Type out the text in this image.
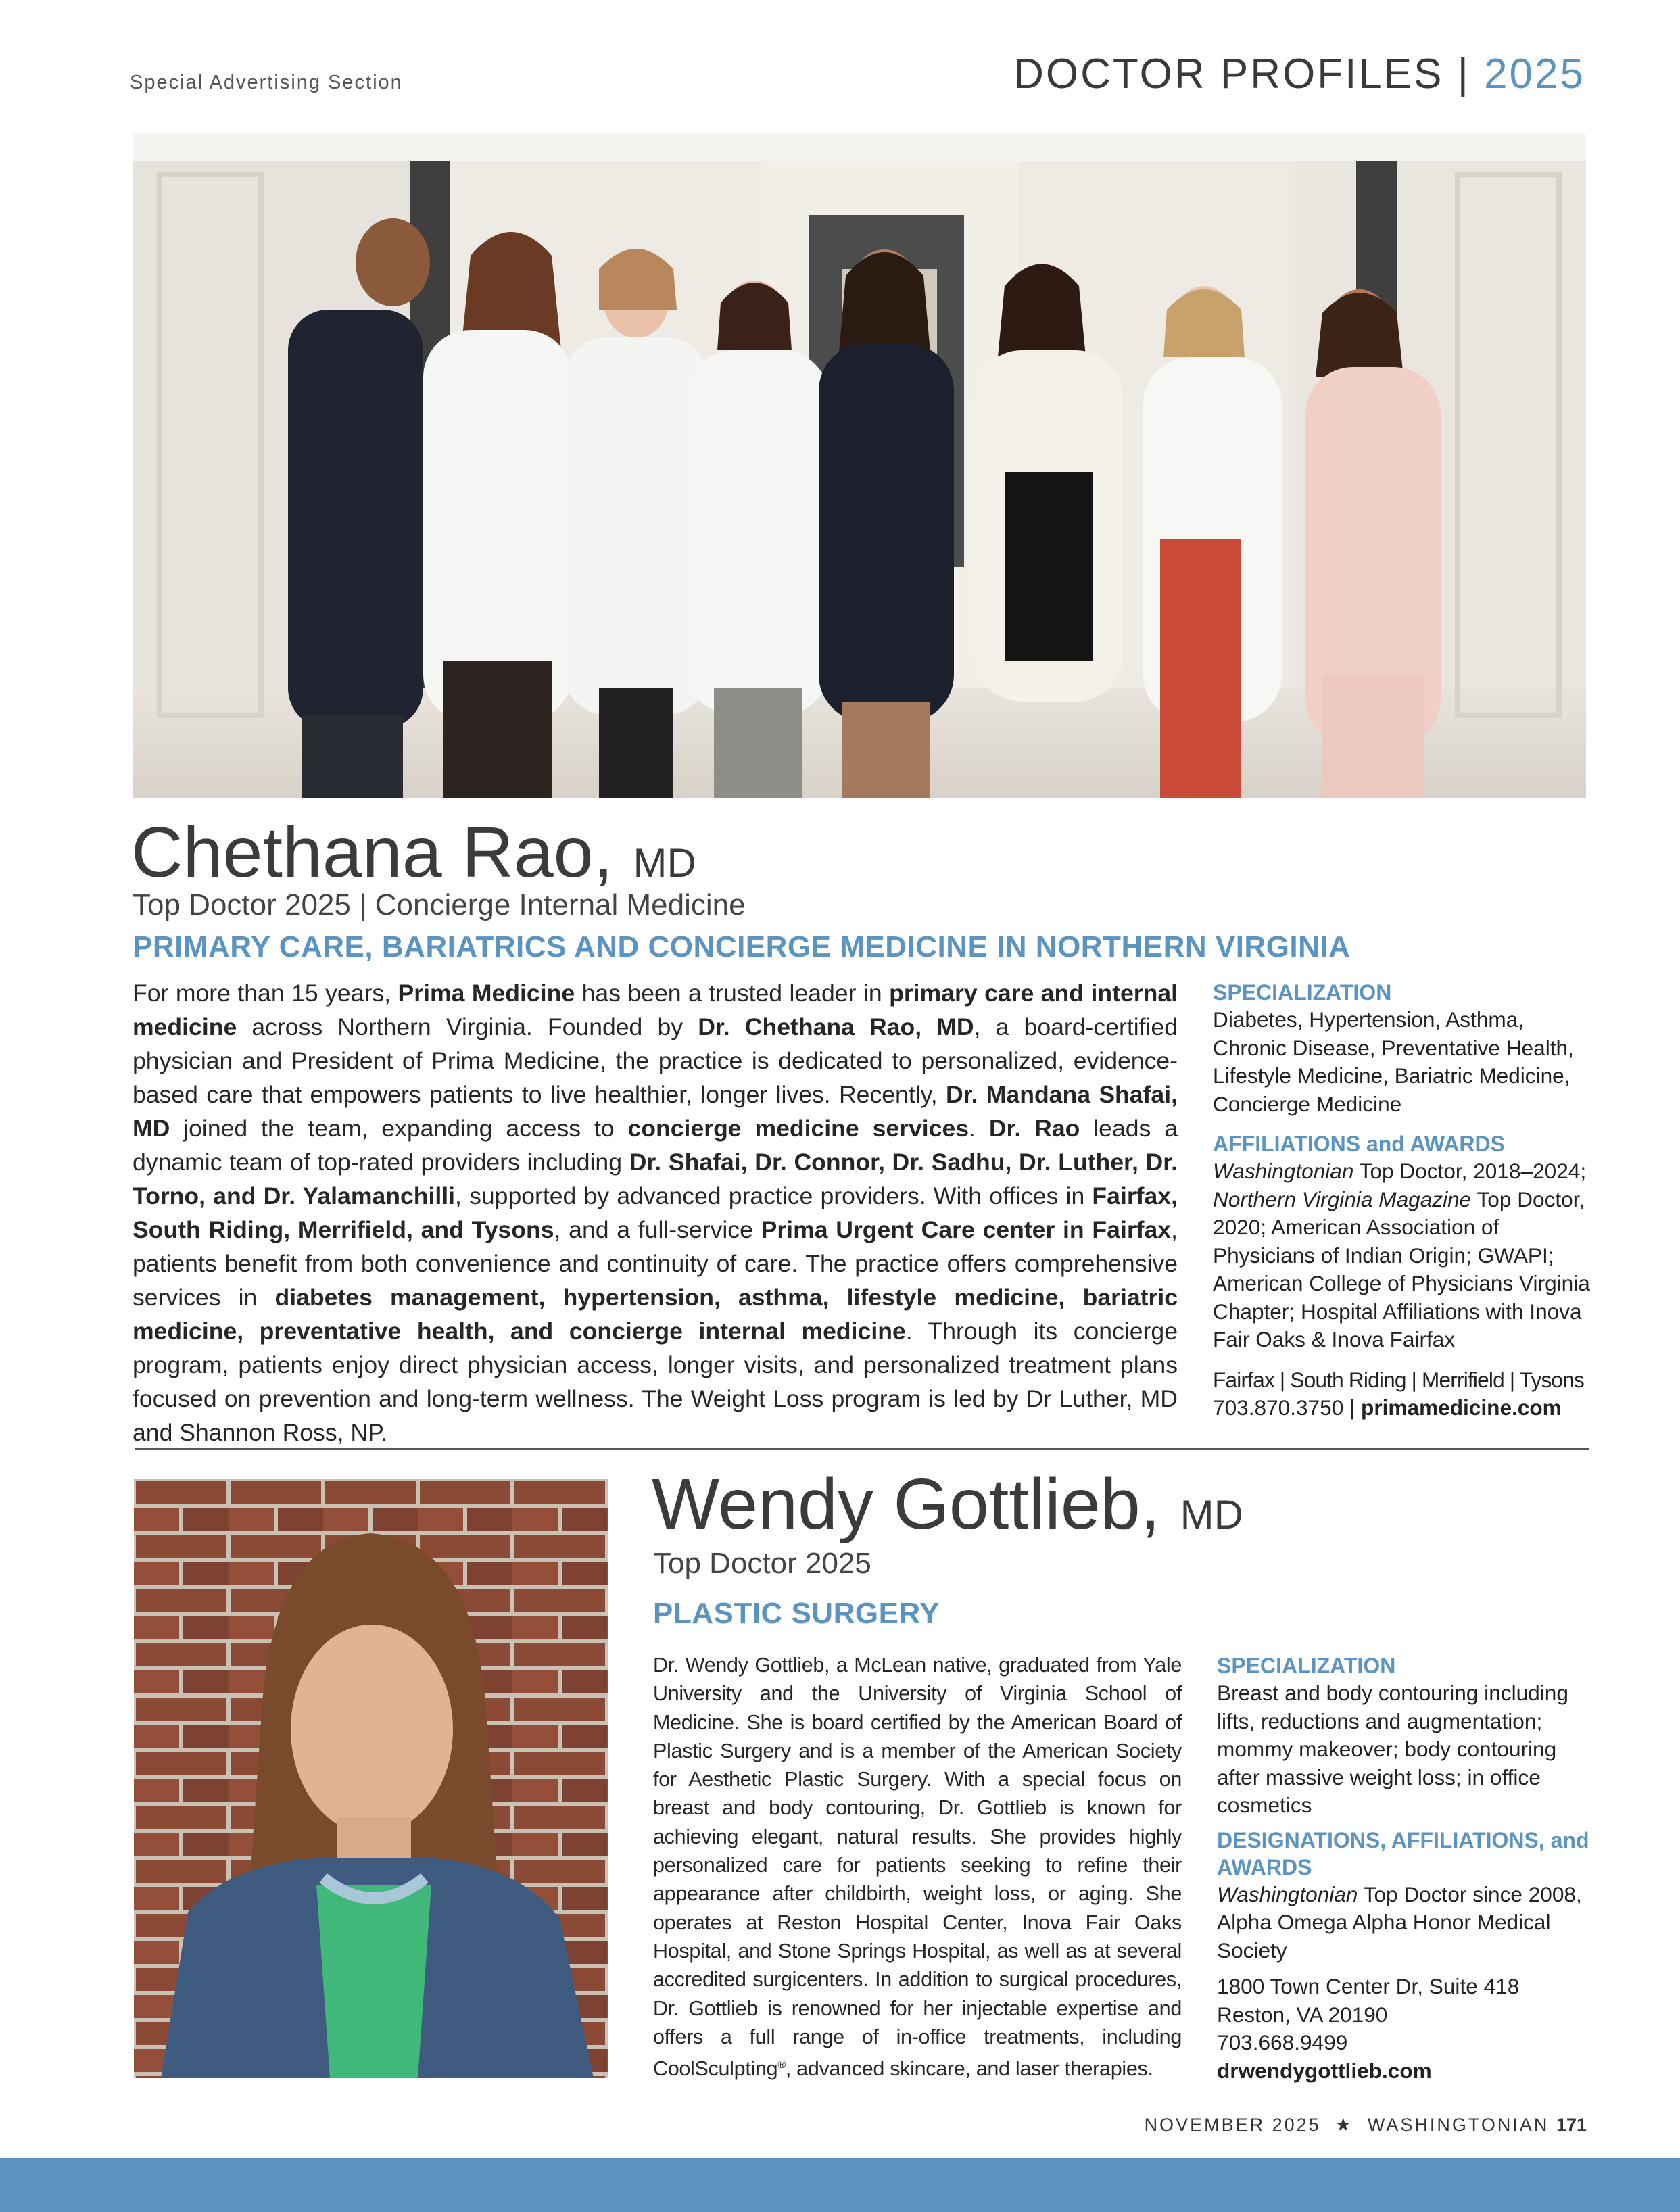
Special Advertising Section	DOCTOR PROFILES | 2025
Chethana Rao, MD
Top Doctor 2025 | Concierge Internal Medicine
PRIMARY CARE, BARIATRICS AND CONCIERGE MEDICINE IN NORTHERN VIRGINIA
For more than 15 years, Prima Medicine has been a trusted leader in primary care and internal medicine across Northern Virginia. Founded by Dr. Chethana Rao, MD, a board-certified physician and President of Prima Medicine, the practice is dedicated to personalized, evidence-based care that empowers patients to live healthier, longer lives. Recently, Dr. Mandana Shafai, MD joined the team, expanding access to concierge medicine services. Dr. Rao leads a dynamic team of top-rated providers including Dr. Shafai, Dr. Connor, Dr. Sadhu, Dr. Luther, Dr. Torno, and Dr. Yalamanchilli, supported by advanced practice providers. With offices in Fairfax, South Riding, Merrifield, and Tysons, and a full-service Prima Urgent Care center in Fairfax, patients benefit from both convenience and continuity of care. The practice offers comprehensive services in diabetes management, hypertension, asthma, lifestyle medicine, bariatric medicine, preventative health, and concierge internal medicine. Through its concierge program, patients enjoy direct physician access, longer visits, and personalized treatment plans focused on prevention and long-term wellness. The Weight Loss program is led by Dr Luther, MD and Shannon Ross, NP.
SPECIALIZATION

Diabetes, Hypertension, Asthma, Chronic Disease, Preventative Health, Lifestyle Medicine, Bariatric Medicine, Concierge Medicine

AFFILIATIONS and AWARDS

Washingtonian Top Doctor, 2018–2024; Northern Virginia Magazine Top Doctor, 2020; American Association of Physicians of Indian Origin; GWAPI; American College of Physicians Virginia Chapter; Hospital Affiliations with Inova Fair Oaks & Inova Fairfax

Fairfax | South Riding | Merrifield | Tysons

703.870.3750 | primamedicine.com

Wendy Gottlieb, MD
Top Doctor 2025
PLASTIC SURGERY
Dr. Wendy Gottlieb, a McLean native, graduated from Yale University and the University of Virginia School of Medicine. She is board certified by the American Board of Plastic Surgery and is a member of the American Society for Aesthetic Plastic Surgery. With a special focus on breast and body contouring, Dr. Gottlieb is known for achieving elegant, natural results. She provides highly personalized care for patients seeking to refine their appearance after childbirth, weight loss, or aging. She operates at Reston Hospital Center, Inova Fair Oaks Hospital, and Stone Springs Hospital, as well as at several accredited surgicenters. In addition to surgical procedures, Dr. Gottlieb is renowned for her injectable expertise and offers a full range of in-office treatments, including CoolSculpting®, advanced skincare, and laser therapies.
SPECIALIZATION

Breast and body contouring including lifts, reductions and augmentation; mommy makeover; body contouring after massive weight loss; in office cosmetics

DESIGNATIONS, AFFILIATIONS, and AWARDS

Washingtonian Top Doctor since 2008, Alpha Omega Alpha Honor Medical Society

1800 Town Center Dr, Suite 418

Reston, VA 20190

703.668.9499

drwendygottlieb.com

NOVEMBER 2025 ★ WASHINGTONIAN 171
